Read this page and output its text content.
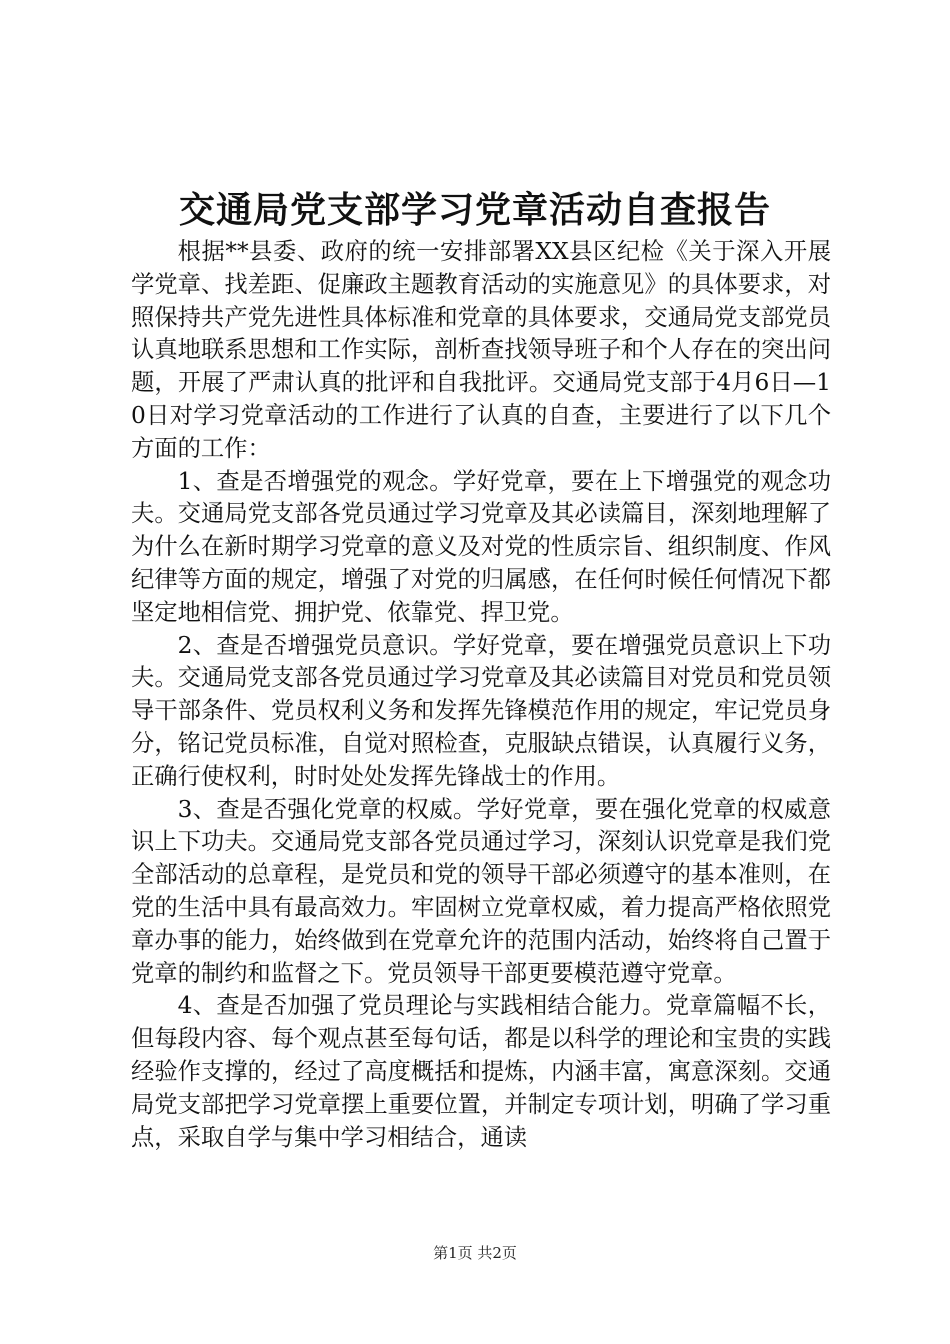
交通局党支部学习党章活动自查报告

根据**县委、政府的统一安排部署XX县区纪检《关于深入开展学党章、找差距、促廉政主题教育活动的实施意见》的具体要求，对照保持共产党先进性具体标准和党章的具体要求，交通局党支部党员认真地联系思想和工作实际，剖析查找领导班子和个人存在的突出问题，开展了严肃认真的批评和自我批评。交通局党支部于4月6日—10日对学习党章活动的工作进行了认真的自查，主要进行了以下几个方面的工作：

1、查是否增强党的观念。学好党章，要在上下增强党的观念功夫。交通局党支部各党员通过学习党章及其必读篇目，深刻地理解了为什么在新时期学习党章的意义及对党的性质宗旨、组织制度、作风纪律等方面的规定，增强了对党的归属感，在任何时候任何情况下都坚定地相信党、拥护党、依靠党、捍卫党。

2、查是否增强党员意识。学好党章，要在增强党员意识上下功夫。交通局党支部各党员通过学习党章及其必读篇目对党员和党员领导干部条件、党员权利义务和发挥先锋模范作用的规定，牢记党员身分，铭记党员标准，自觉对照检查，克服缺点错误，认真履行义务，正确行使权利，时时处处发挥先锋战士的作用。

3、查是否强化党章的权威。学好党章，要在强化党章的权威意识上下功夫。交通局党支部各党员通过学习，深刻认识党章是我们党全部活动的总章程，是党员和党的领导干部必须遵守的基本准则，在党的生活中具有最高效力。牢固树立党章权威，着力提高严格依照党章办事的能力，始终做到在党章允许的范围内活动，始终将自己置于党章的制约和监督之下。党员领导干部更要模范遵守党章。

4、查是否加强了党员理论与实践相结合能力。党章篇幅不长，但每段内容、每个观点甚至每句话，都是以科学的理论和宝贵的实践经验作支撑的，经过了高度概括和提炼，内涵丰富，寓意深刻。交通局党支部把学习党章摆上重要位置，并制定专项计划，明确了学习重点，采取自学与集中学习相结合，通读

第1页 共2页
